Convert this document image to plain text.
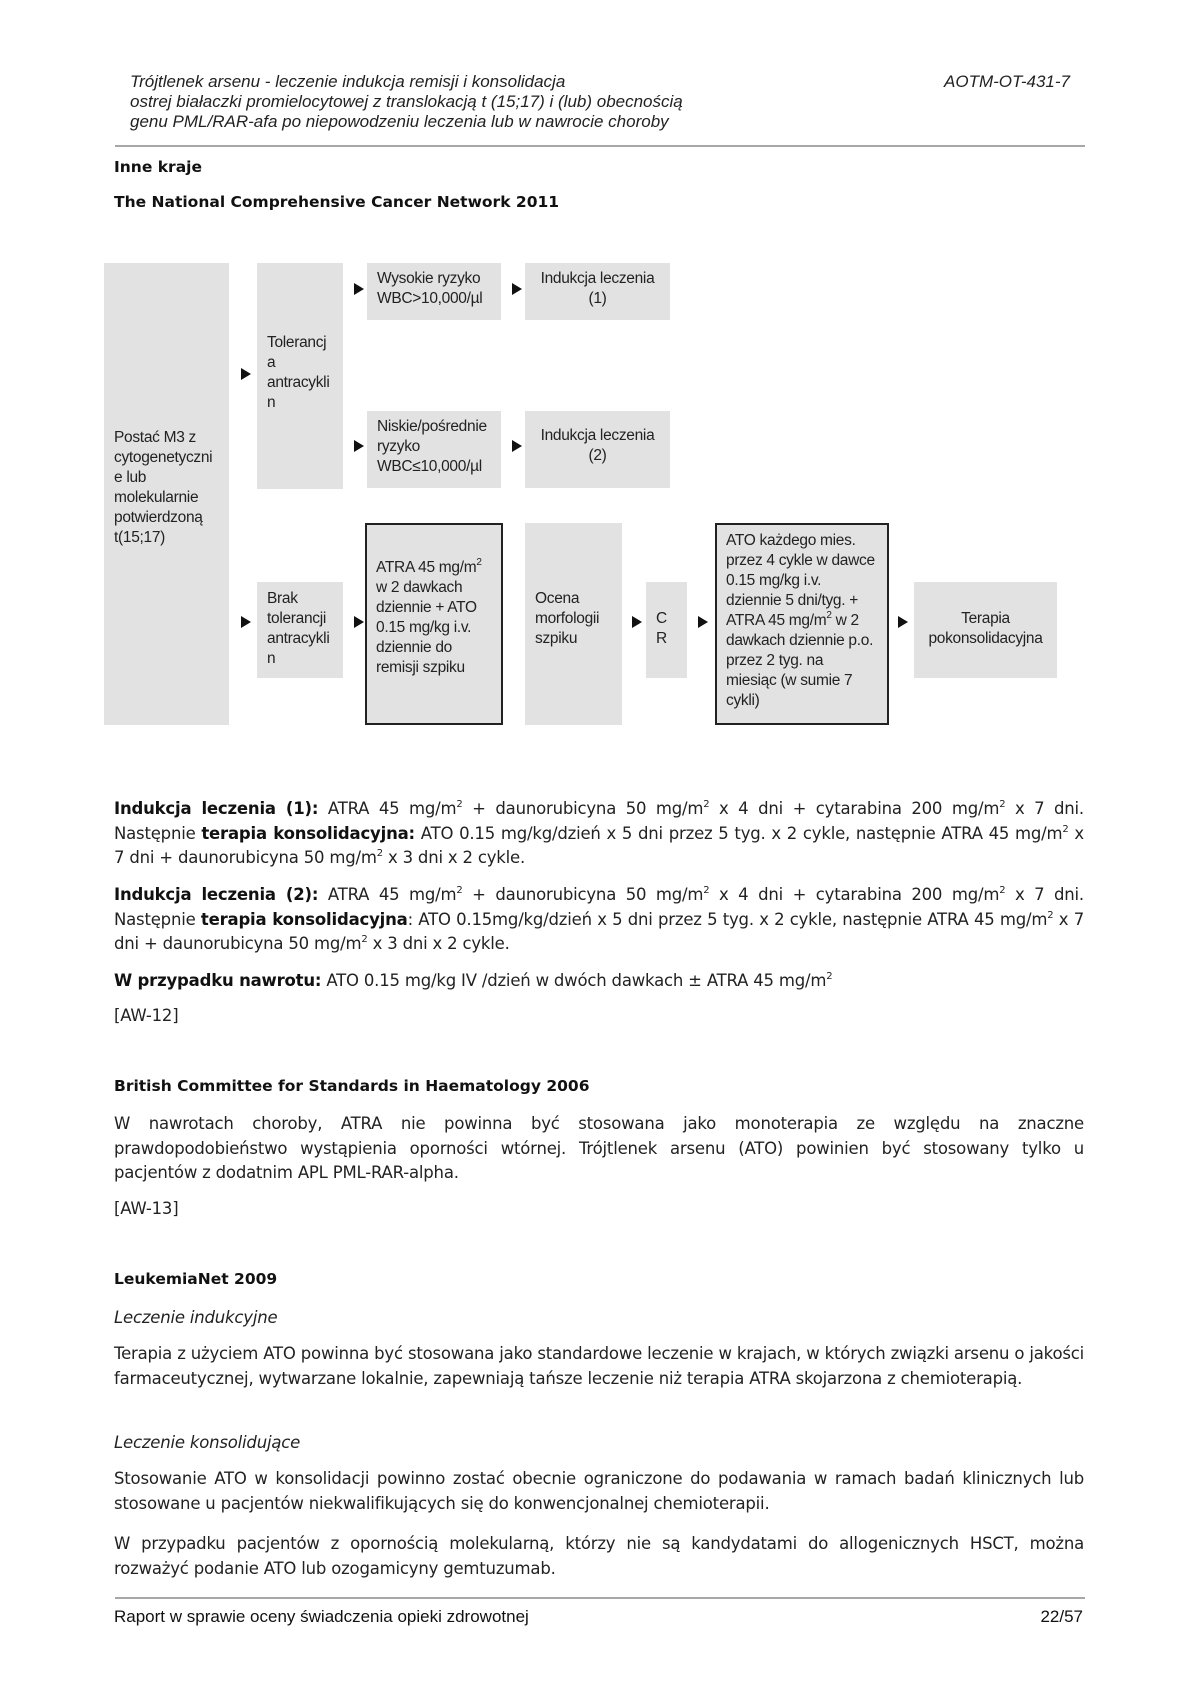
Trójtlenek arsenu - leczenie indukcja remisji i konsolidacja
ostrej białaczki promielocytowej z translokacją t (15;17) i (lub) obecnością
genu PML/RAR-afa po niepowodzeniu leczenia lub w nawrocie choroby
AOTM-OT-431-7
Inne kraje
The National Comprehensive Cancer Network 2011
Postać M3 z
cytogenetyczni
e lub
molekularnie
potwierdzoną
t(15;17)
Tolerancj
a
antracykli
n
Brak
tolerancji
antracykli
n
Wysokie ryzyko
WBC>10,000/µl
Niskie/pośrednie
ryzyko
WBC≤10,000/µl
ATRA 45 $mg/m^2$
w 2 dawkach
dziennie + ATO
0.15 mg/kg i.v.
dziennie do
remisji szpiku
Indukcja leczenia
(1)
Indukcja leczenia
(2)
Ocena
morfologii
szpiku
C
R
ATO każdego mies.
przez 4 cykle w dawce
0.15 mg/kg i.v.
dziennie 5 dni/tyg. +
ATRA 45 $mg/m^2$ w 2
dawkach dziennie p.o.
przez 2 tyg. na
miesiąc (w sumie 7
cykli)
Terapia
pokonsolidacyjna
Indukcja leczenia (1): ATRA 45 $mg/m^2$ + daunorubicyna 50 $mg/m^2$ x 4 dni + cytarabina 200 $mg/m^2$ x 7 dni. Następnie terapia konsolidacyjna: ATO 0.15 mg/kg/dzień x 5 dni przez 5 tyg. x 2 cykle, następnie ATRA 45 $mg/m^2$ x 7 dni + daunorubicyna 50 $mg/m^2$ x 3 dni x 2 cykle.
Indukcja leczenia (2): ATRA 45 $mg/m^2$ + daunorubicyna 50 $mg/m^2$ x 4 dni + cytarabina 200 $mg/m^2$ x 7 dni. Następnie terapia konsolidacyjna: ATO 0.15mg/kg/dzień x 5 dni przez 5 tyg. x 2 cykle, następnie ATRA 45 $mg/m^2$ x 7 dni + daunorubicyna 50 $mg/m^2$ x 3 dni x 2 cykle.
W przypadku nawrotu: ATO 0.15 mg/kg IV /dzień w dwóch dawkach ± ATRA 45 $mg/m^2$
[AW-12]
British Committee for Standards in Haematology 2006
W nawrotach choroby, ATRA nie powinna być stosowana jako monoterapia ze względu na znaczne prawdopodobieństwo wystąpienia oporności wtórnej. Trójtlenek arsenu (ATO) powinien być stosowany tylko u pacjentów z dodatnim APL PML-RAR-alpha.
[AW-13]
LeukemiaNet 2009
Leczenie indukcyjne
Terapia z użyciem ATO powinna być stosowana jako standardowe leczenie w krajach, w których związki arsenu o jakości farmaceutycznej, wytwarzane lokalnie, zapewniają tańsze leczenie niż terapia ATRA skojarzona z chemioterapią.
Leczenie konsolidujące
Stosowanie ATO w konsolidacji powinno zostać obecnie ograniczone do podawania w ramach badań klinicznych lub stosowane u pacjentów niekwalifikujących się do konwencjonalnej chemioterapii.
W przypadku pacjentów z opornością molekularną, którzy nie są kandydatami do allogenicznych HSCT, można rozważyć podanie ATO lub ozogamicyny gemtuzumab.
Raport w sprawie oceny świadczenia opieki zdrowotnej	22/57
